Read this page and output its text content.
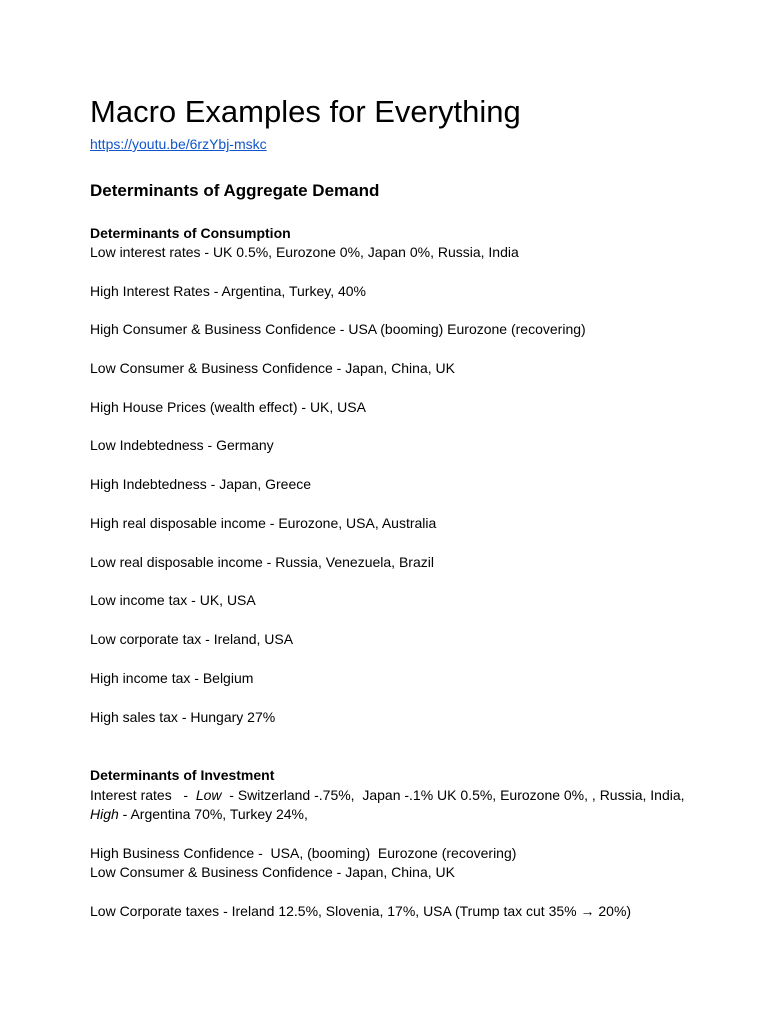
Macro Examples for Everything
https://youtu.be/6rzYbj-mskc
Determinants of Aggregate Demand
Determinants of Consumption

Low interest rates - UK 0.5%, Eurozone 0%, Japan 0%, Russia, India

High Interest Rates - Argentina, Turkey, 40%

High Consumer & Business Confidence - USA (booming) Eurozone (recovering)

Low Consumer & Business Confidence - Japan, China, UK

High House Prices (wealth effect) - UK, USA

Low Indebtedness - Germany

High Indebtedness - Japan, Greece

High real disposable income - Eurozone, USA, Australia

Low real disposable income - Russia, Venezuela, Brazil

Low income tax - UK, USA

Low corporate tax - Ireland, USA

High income tax - Belgium

High sales tax - Hungary 27%

Determinants of Investment

Interest rates   -  Low  - Switzerland -.75%,  Japan -.1% UK 0.5%, Eurozone 0%, , Russia, India,

High - Argentina 70%, Turkey 24%,

High Business Confidence -  USA, (booming)  Eurozone (recovering)

Low Consumer & Business Confidence - Japan, China, UK

Low Corporate taxes - Ireland 12.5%, Slovenia, 17%, USA (Trump tax cut 35% → 20%)
